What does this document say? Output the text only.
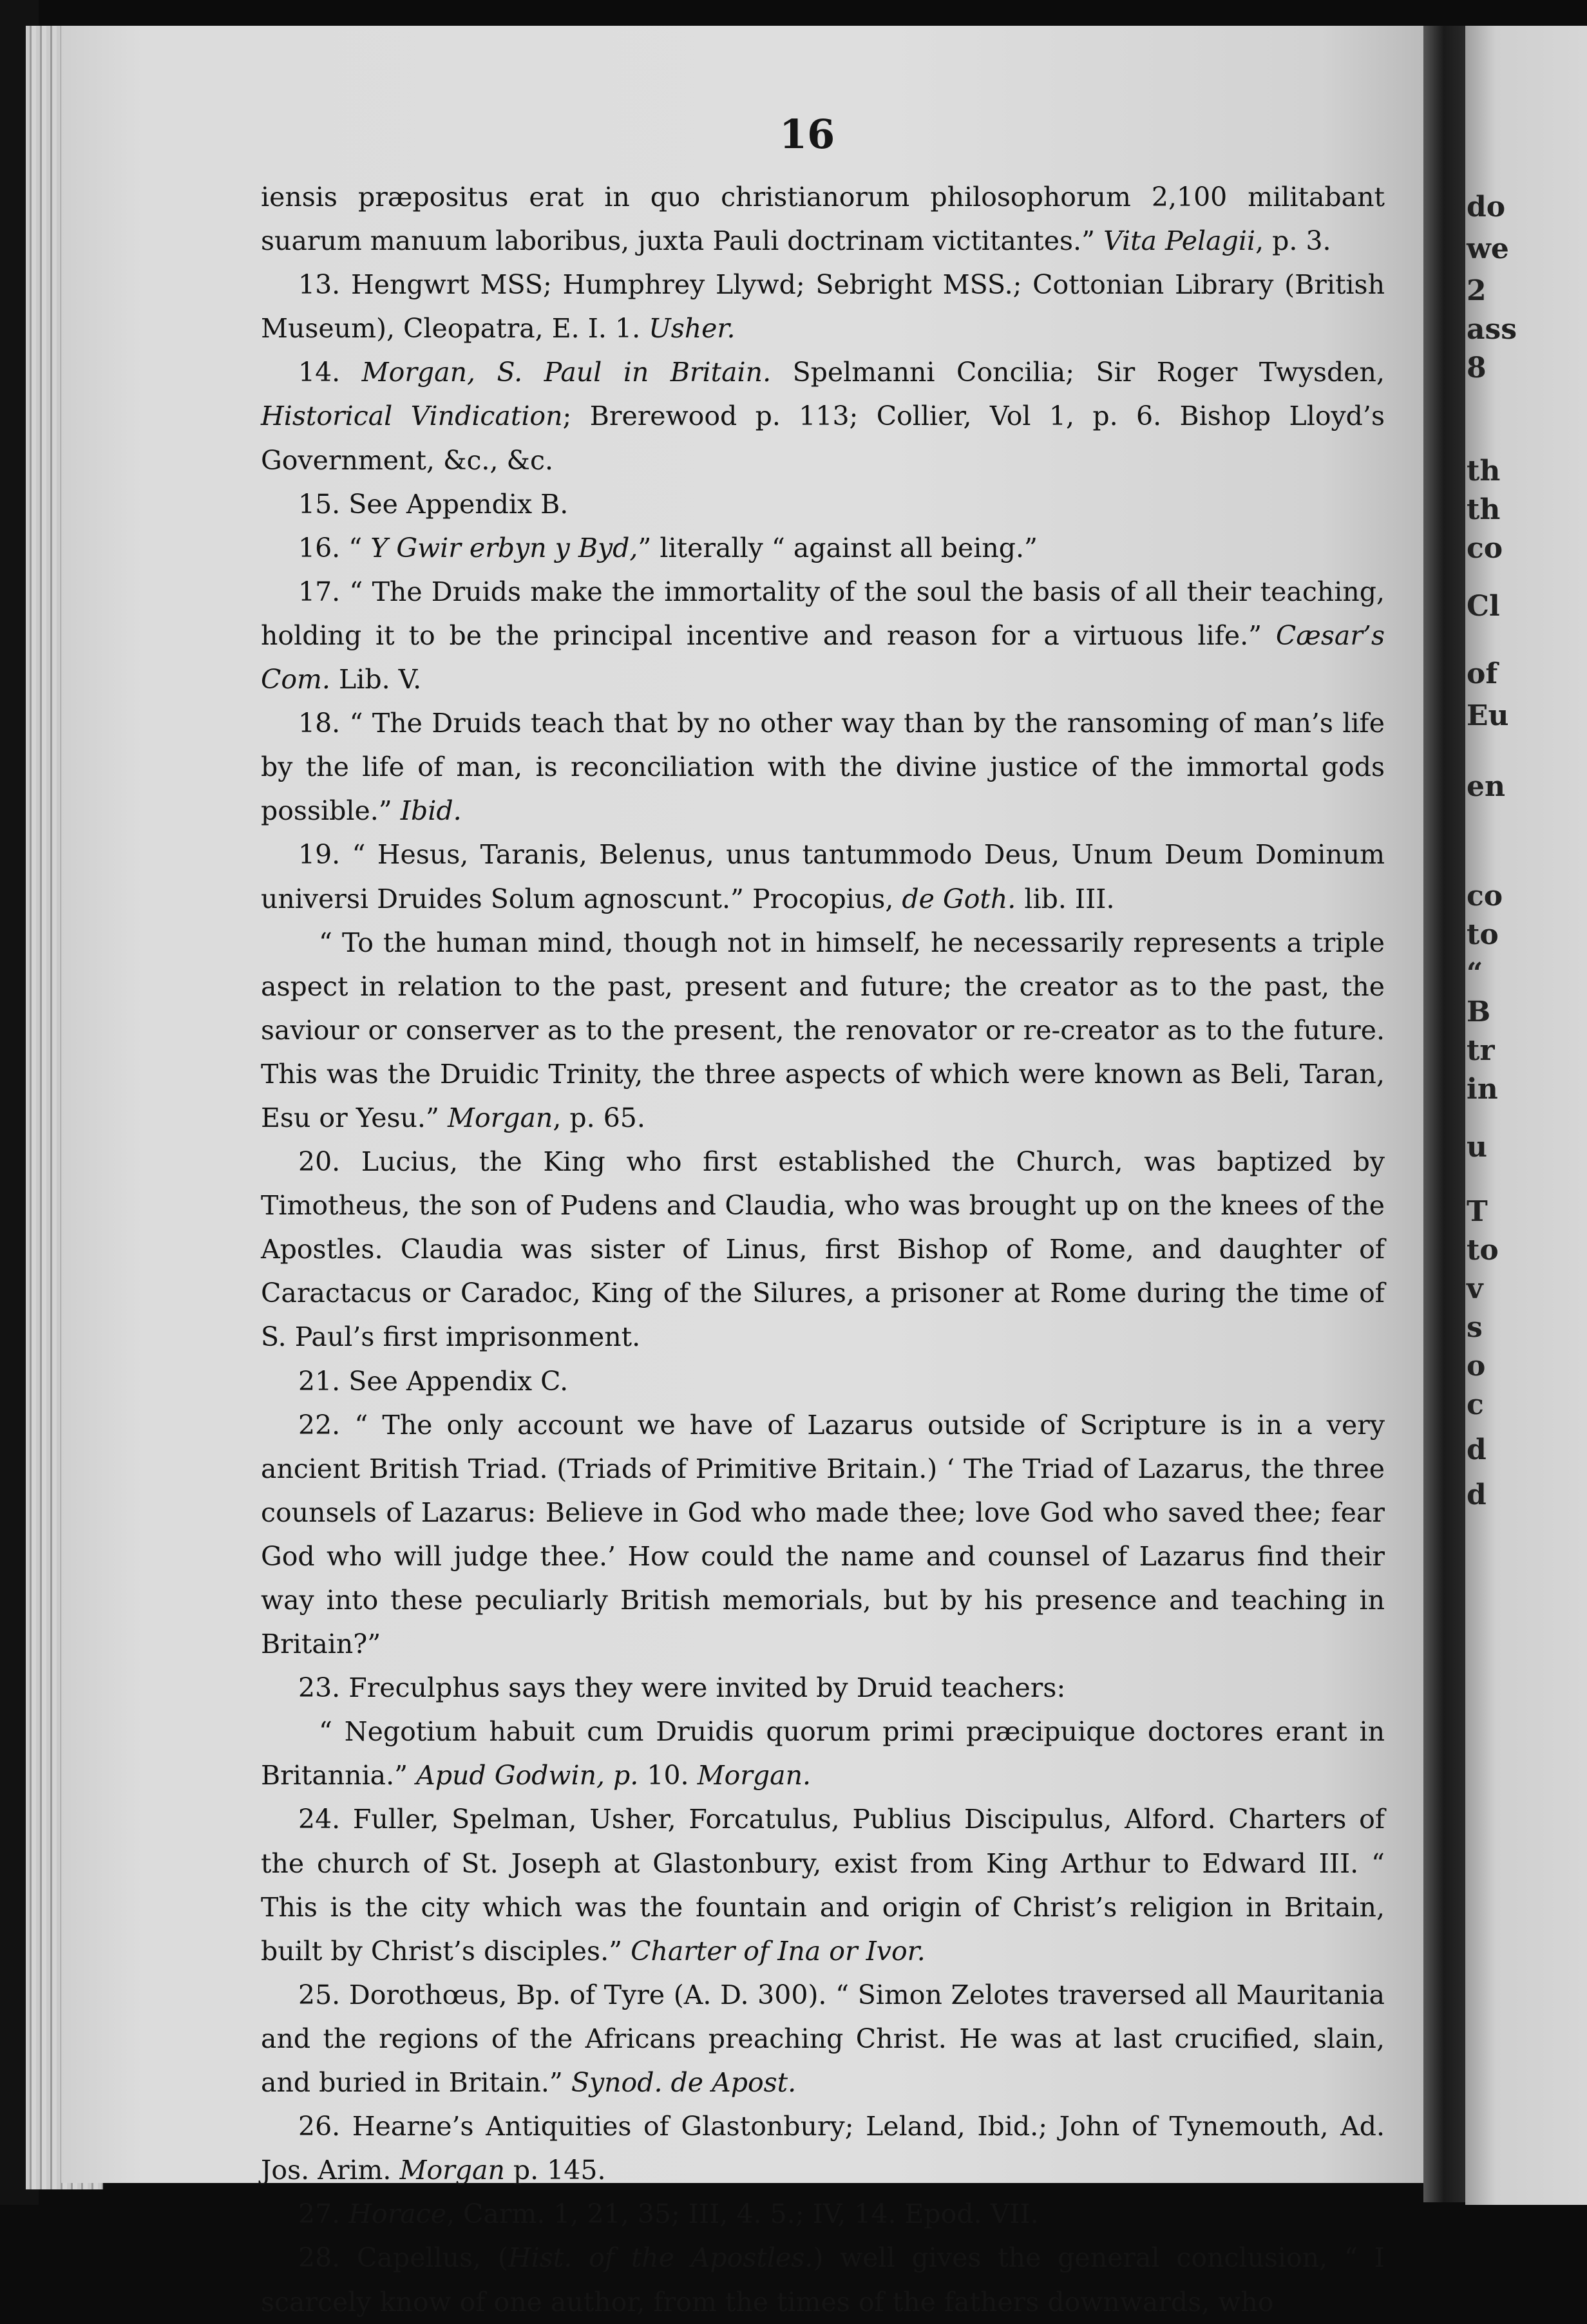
do
we
2
ass
8
th
th
co
Cl
of
Eu
en
co
to
“
B
tr
in
u
T
to
v
s
o
c
d
d
16

iensis præpositus erat in quo christianorum philosophorum 2,100 militabant suarum manuum laboribus, juxta Pauli doctrinam victitantes.” Vita Pelagii, p. 3.

13. Hengwrt MSS; Humphrey Llywd; Sebright MSS.; Cottonian Library (British Museum), Cleopatra, E. I. 1. Usher.

14. Morgan, S. Paul in Britain. Spelmanni Concilia; Sir Roger Twysden, Historical Vindication; Brerewood p. 113; Collier, Vol 1, p. 6. Bishop Lloyd’s Government, &c., &c.

15. See Appendix B.

16. “ Y Gwir erbyn y Byd,” literally “ against all being.”

17. “ The Druids make the immortality of the soul the basis of all their teaching, holding it to be the principal incentive and reason for a virtuous life.” Cæsar’s Com. Lib. V.

18. “ The Druids teach that by no other way than by the ransoming of man’s life by the life of man, is reconciliation with the divine justice of the immortal gods possible.” Ibid.

19. “ Hesus, Taranis, Belenus, unus tantummodo Deus, Unum Deum Dominum universi Druides Solum agnoscunt.” Procopius, de Goth. lib. III.

“ To the human mind, though not in himself, he necessarily represents a triple aspect in relation to the past, present and future; the creator as to the past, the saviour or conserver as to the present, the renovator or re-creator as to the future. This was the Druidic Trinity, the three aspects of which were known as Beli, Taran, Esu or Yesu.” Morgan, p. 65.

20. Lucius, the King who first established the Church, was baptized by Timotheus, the son of Pudens and Claudia, who was brought up on the knees of the Apostles. Claudia was sister of Linus, first Bishop of Rome, and daughter of Caractacus or Caradoc, King of the Silures, a prisoner at Rome during the time of S. Paul’s first imprisonment.

21. See Appendix C.

22. “ The only account we have of Lazarus outside of Scripture is in a very ancient British Triad. (Triads of Primitive Britain.) ‘ The Triad of Lazarus, the three counsels of Lazarus: Believe in God who made thee; love God who saved thee; fear God who will judge thee.’ How could the name and counsel of Lazarus find their way into these peculiarly British memorials, but by his presence and teaching in Britain?”

23. Freculphus says they were invited by Druid teachers:

“ Negotium habuit cum Druidis quorum primi præcipuique doctores erant in Britannia.” Apud Godwin, p. 10. Morgan.

24. Fuller, Spelman, Usher, Forcatulus, Publius Discipulus, Alford. Charters of the church of St. Joseph at Glastonbury, exist from King Arthur to Edward III. “ This is the city which was the fountain and origin of Christ’s religion in Britain, built by Christ’s disciples.” Charter of Ina or Ivor.

25. Dorothœus, Bp. of Tyre (A. D. 300). “ Simon Zelotes traversed all Mauritania and the regions of the Africans preaching Christ. He was at last crucified, slain, and buried in Britain.” Synod. de Apost.

26. Hearne’s Antiquities of Glastonbury; Leland, Ibid.; John of Tynemouth, Ad. Jos. Arim. Morgan p. 145.

27. Horace, Carm. 1, 21, 35; III, 4. 5.; IV, 14. Epod. VII.

28. Capellus, (Hist. of the Apostles.) well gives the general conclusion, “ I scarcely know of one author, from the times of the fathers downwards, who
